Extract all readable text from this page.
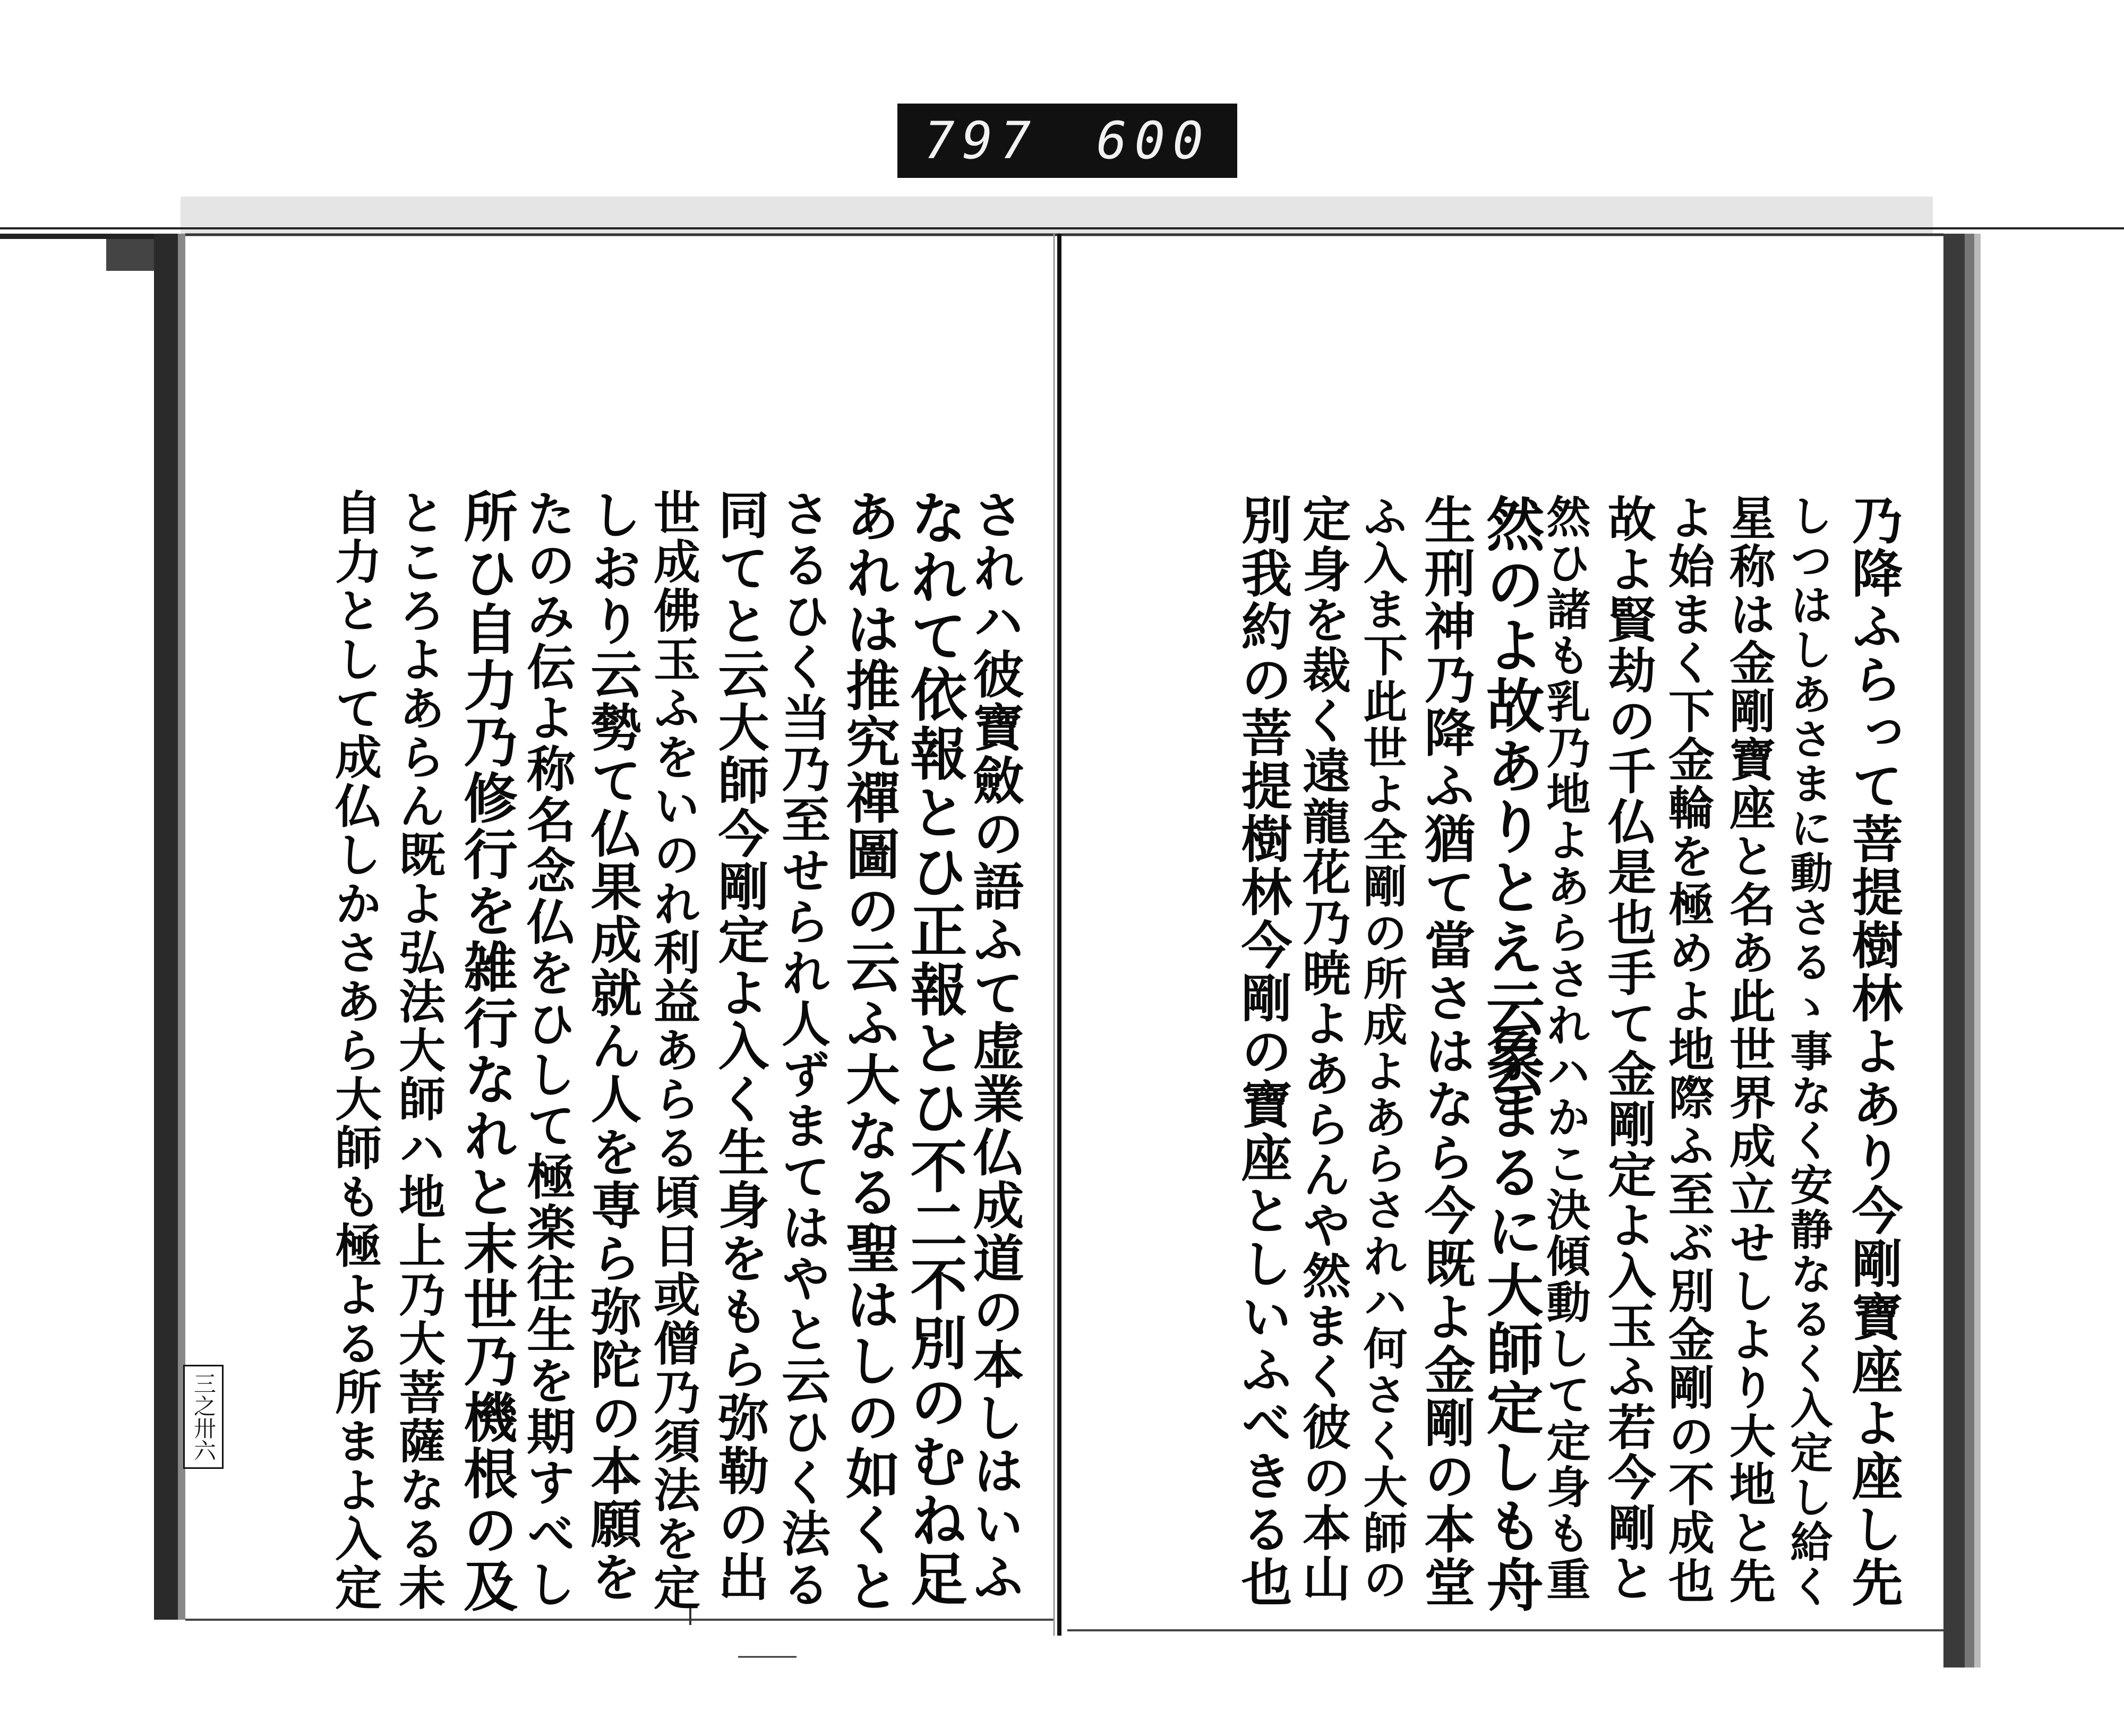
797 600
乃降ふらって菩提樹林よあり今剛寶座よ座し先
しつはしあさまに動さるゝ事なく安静なるく入定し給く
星称は金剛寶座と名あ此世界成立せしより大地と先
よ始まく下金輪を極めよ地際ふ至ぶ別金剛の不成也
故よ賢劫の千仏是也手て金剛定よ入玉ふ若今剛と
然ひ諸も乳乃地よあらされハかこ決傾動して定身も重
然のよ故ありとえ云云
象まるに大師定しも舟
生刑神乃降ふ猶て當さはなら今既よ金剛の本堂
ふ入ま下此世よ全剛の所成よあらされハ何さく大師の
定身を裁く遠龍花乃暁よあらんや然まく彼の本山
別我約の菩提樹林今剛の寶座としいふべきる也
されハ彼寶斂の語ふて虚業仏成道の本しはいふ
なれて依報とひ正報とひ不二不別のむね足
あれは推究禪圖の云ふ大なる聖はしの如くと
さるひく当乃至せられ人ずまてはやと云ひく法る
同てと云大師今剛定よ入く生身をもら弥勒の出
世成佛玉ふをいのれ利益あらる頃日或僧乃須法を定
しおり云勢て仏果成就ん人を専ら弥陀の本願を
たのみ伝よ称名念仏をひして極楽往生を期すべし
所ひ自力乃修行を雑行なれと末世乃機根の及
ところよあらん既よ弘法大師ハ地上乃大菩薩なる未
自力として成仏しかさあら大師も極よる所まよ入定
三之卅六
